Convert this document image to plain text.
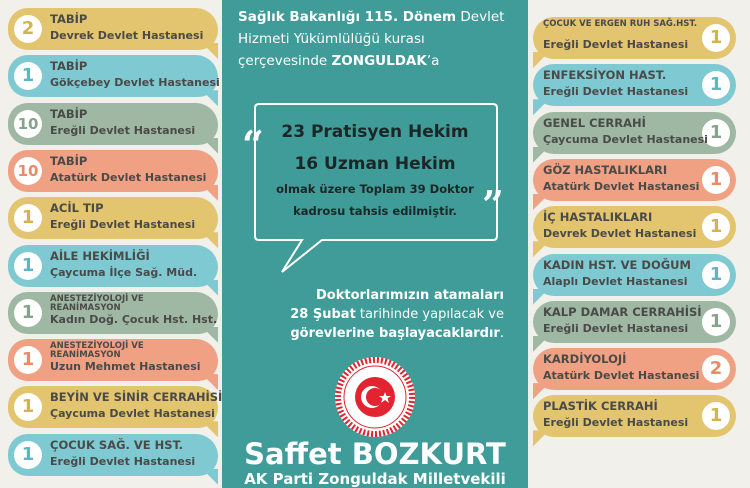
2	TABİP
Devrek Devlet Hastanesi
1	TABİP
Gökçebey Devlet Hastanesi
10
TABİP
Ereğli Devlet Hastanesi
10
TABİP
Atatürk Devlet Hastanesi
1	ACİL TIP
Ereğli Devlet Hastanesi
1	AİLE HEKİMLİĞİ
Çaycuma İlçe Sağ. Müd.
1
ANESTEZİYOLOJİ VE REANİMASYON
Kadın Doğ. Çocuk Hst. Hst.
1
ANESTEZİYOLOJİ VE REANİMASYON
Uzun Mehmet Hastanesi
1	BEYİN VE SİNİR CERRAHİSİ
Çaycuma Devlet Hastanesi
1	ÇOCUK SAĞ. VE HST.
Ereğli Devlet Hastanesi
1
ÇOCUK VE ERGEN RUH SAĞ.HST.
Ereğli Devlet Hastanesi
1
ENFEKSİYON HAST.
Ereğli Devlet Hastanesi
1
GENEL CERRAHİ
Çaycuma Devlet Hastanesi
1
GÖZ HASTALIKLARI
Atatürk Devlet Hastanesi
1
İÇ HASTALIKLARI
Devrek Devlet Hastanesi
1
KADIN HST. VE DOĞUM
Alaplı Devlet Hastanesi
1
KALP DAMAR CERRAHİSİ
Ereğli Devlet Hastanesi
2
KARDİYOLOJİ
Atatürk Devlet Hastanesi
1
PLASTİK CERRAHİ
Ereğli Devlet Hastanesi
Sağlık Bakanlığı 115. Dönem Devlet
Hizmeti Yükümlülüğü kurası
çerçevesinde ZONGULDAK’a
“
”
23 Pratisyen Hekim
16 Uzman Hekim
olmak üzere Toplam 39 Doktor
kadrosu tahsis edilmiştir.
Doktorlarımızın atamaları
28 Şubat tarihinde yapılacak ve
görevlerine başlayacaklardır.
Saffet BOZKURT
AK Parti Zonguldak Milletvekili
